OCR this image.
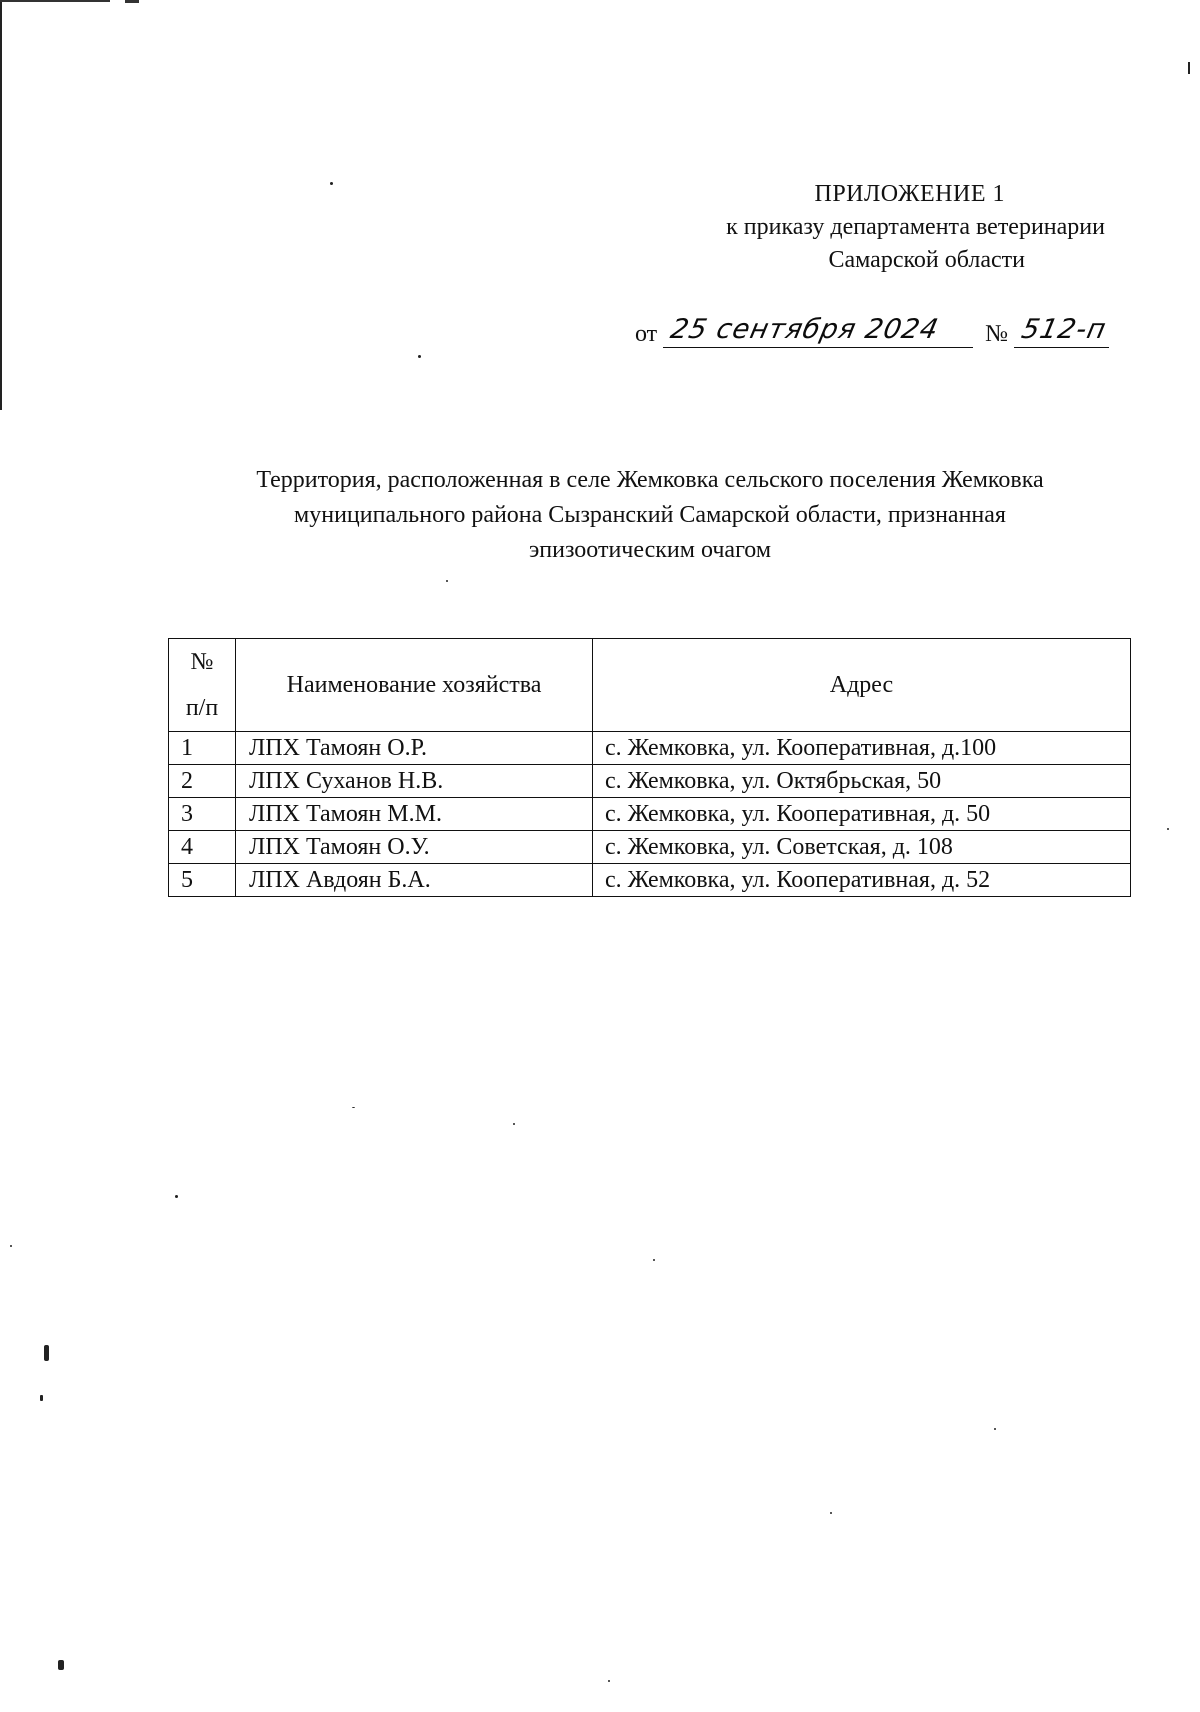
ПРИЛОЖЕНИЕ 1
к приказу департамента ветеринарии
Самарской области
от 25 сентября 2024 № 512-п

Территория, расположенная в селе Жемковка сельского поселения Жемковка
муниципального района Сызранский Самарской области, признанная
эпизоотическим очагом
№
п/п	Наименование хозяйства	Адрес
1	ЛПХ Тамоян О.Р.	с. Жемковка, ул. Кооперативная, д.100
2	ЛПХ Суханов Н.В.	с. Жемковка, ул. Октябрьская, 50
3	ЛПХ Тамоян М.М.	с. Жемковка, ул. Кооперативная, д. 50
4	ЛПХ Тамоян О.У.	с. Жемковка, ул. Советская, д. 108
5	ЛПХ Авдоян Б.А.	с. Жемковка, ул. Кооперативная, д. 52
